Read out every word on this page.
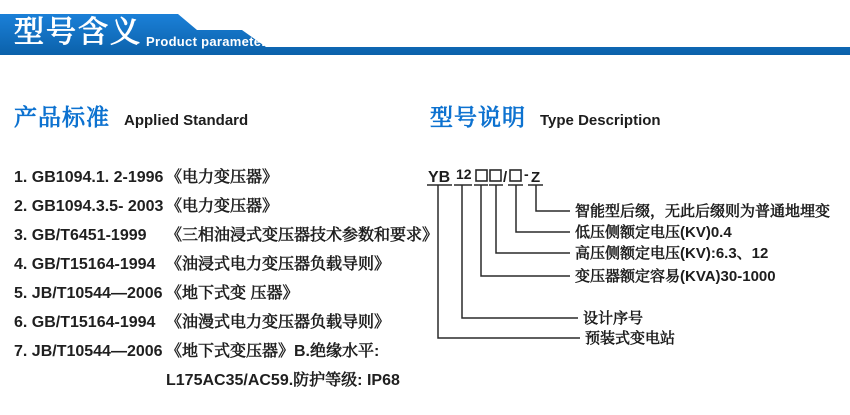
型号含义 Product parameters
产品标准 Applied Standard
1. GB1094.1. 2-1996 《电力变压器》
2. GB1094.3.5- 2003 《电力变压器》
3. GB/T6451-1999	《三相油浸式变压器技术参数和要求》
4. GB/T15164-1994 《油浸式电力变压器负载导则》
5. JB/T10544—2006 《地下式变 压器》
6. GB/T15164-1994 《油漫式电力变压器负载导则》
7. JB/T10544—2006 《地下式变压器》B.绝缘水平:
L175AC35/AC59.防护等级: IP68
型号说明 Type Description
YB 12 / - Z
智能型后缀，无此后缀则为普通地埋变
低压侧额定电压(KV)0.4
高压侧额定电压(KV):6.3、12
变压器额定容易(KVA)30-1000
设计序号
预装式变电站
